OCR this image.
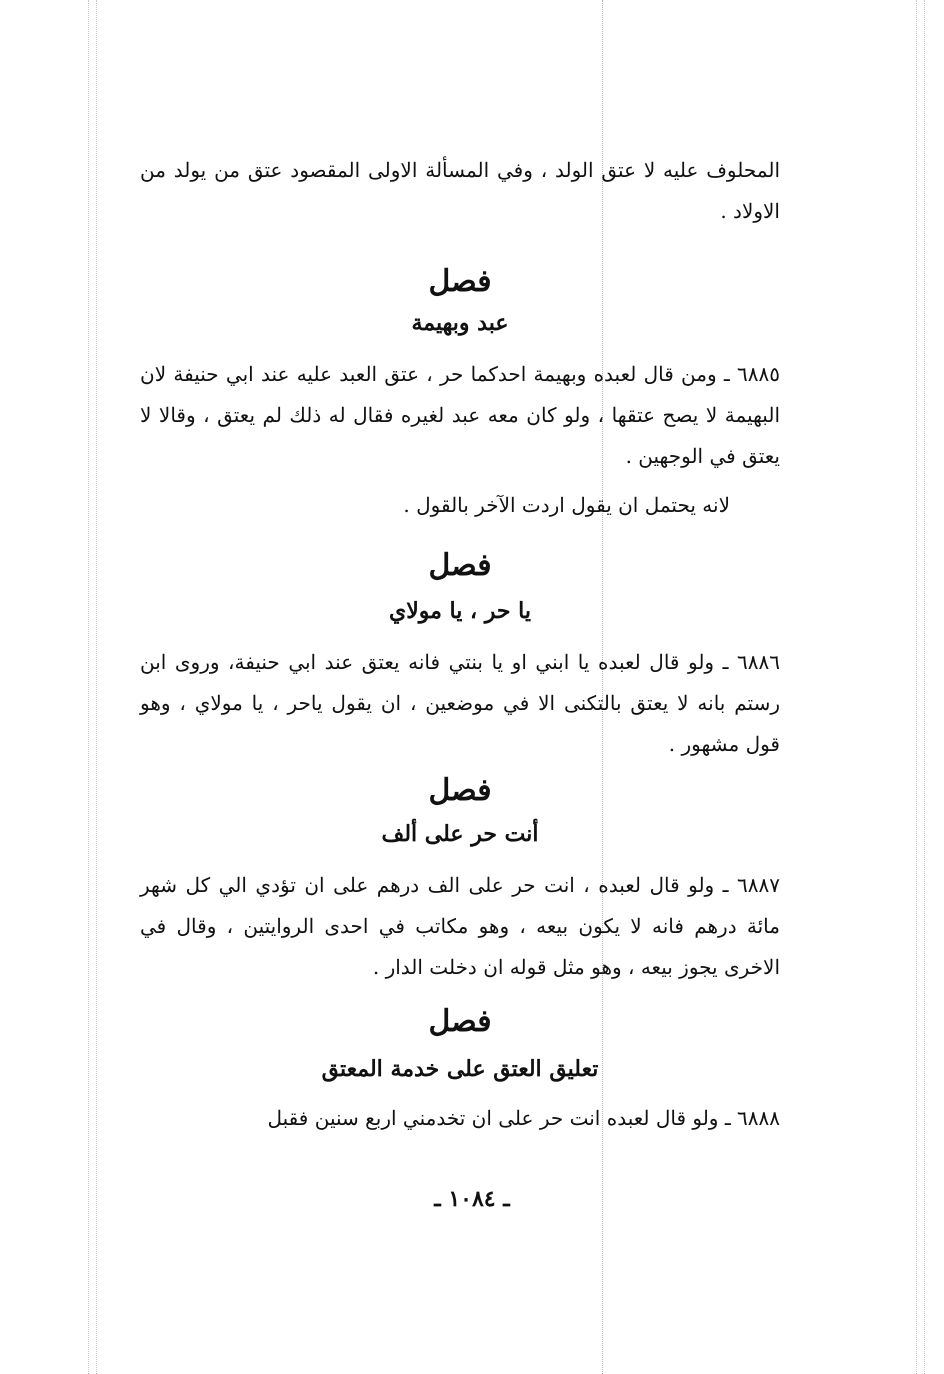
المحلوف عليه لا عتق الولد ، وفي المسألة الاولى المقصود عتق من يولد من الاولاد .

فصل

عبد وبهيمة

٦٨٨٥ ـ ومن قال لعبده وبهيمة احدكما حر ، عتق العبد عليه عند ابي حنيفة لان البهيمة لا يصح عتقها ، ولو كان معه عبد لغيره فقال له ذلك لم يعتق ، وقالا لا يعتق في الوجهين .

لانه يحتمل ان يقول اردت الآخر بالقول .

فصل

يا حر ، يا مولاي

٦٨٨٦ ـ ولو قال لعبده يا ابني او يا بنتي فانه يعتق عند ابي حنيفة، وروى ابن رستم بانه لا يعتق بالتكنى الا في موضعين ، ان يقول ياحر ، يا مولاي ، وهو قول مشهور .

فصل

أنت حر على ألف

٦٨٨٧ ـ ولو قال لعبده ، انت حر على الف درهم على ان تؤدي الي كل شهر مائة درهم فانه لا يكون بيعه ، وهو مكاتب في احدى الروايتين ، وقال في الاخرى يجوز بيعه ، وهو مثل قوله ان دخلت الدار .

فصل

تعليق العتق على خدمة المعتق

٦٨٨٨ ـ ولو قال لعبده انت حر على ان تخدمني اربع سنين فقبل

ـ ١٠٨٤ ـ
